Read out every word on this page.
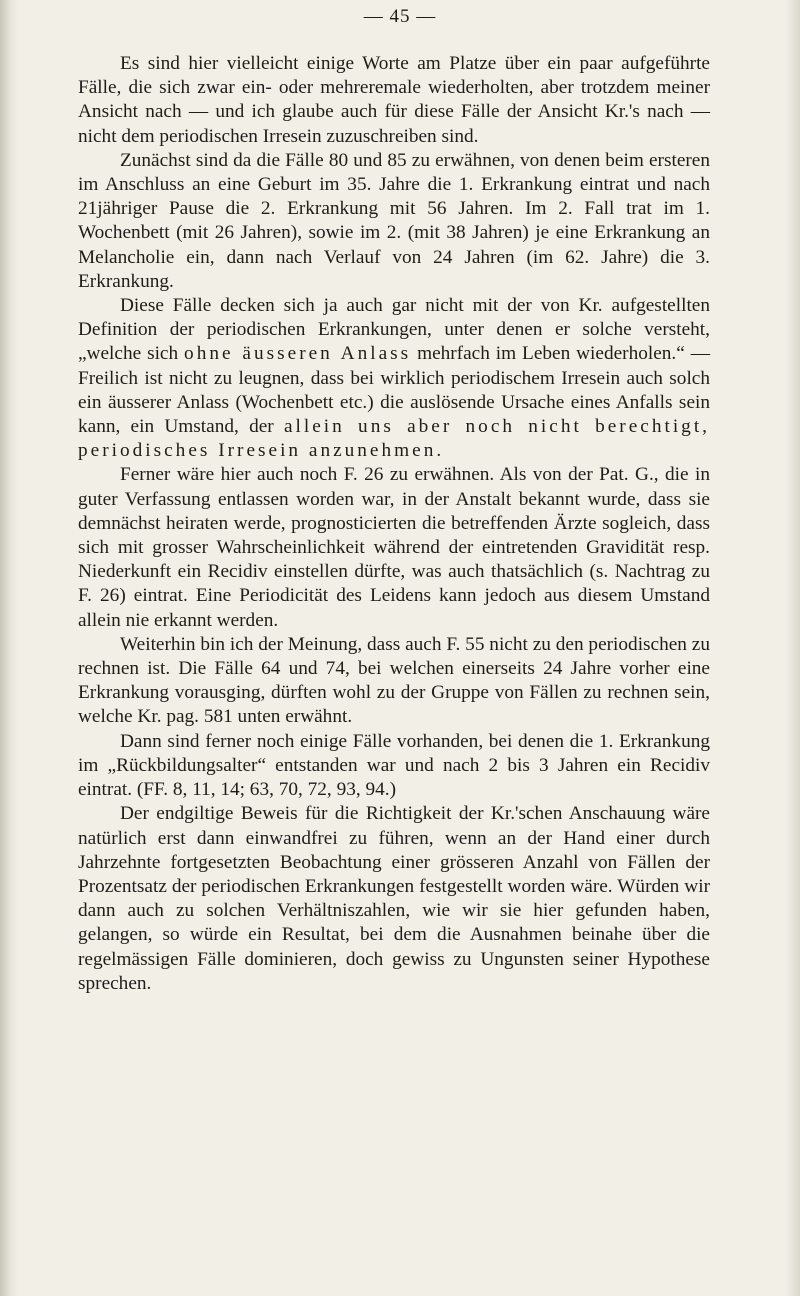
— 45 —

Es sind hier vielleicht einige Worte am Platze über ein paar aufgeführte Fälle, die sich zwar ein- oder mehreremale wiederholten, aber trotzdem meiner Ansicht nach — und ich glaube auch für diese Fälle der Ansicht Kr.'s nach — nicht dem periodischen Irresein zuzuschreiben sind.

Zunächst sind da die Fälle 80 und 85 zu erwähnen, von denen beim ersteren im Anschluss an eine Geburt im 35. Jahre die 1. Erkrankung eintrat und nach 21jähriger Pause die 2. Erkrankung mit 56 Jahren. Im 2. Fall trat im 1. Wochenbett (mit 26 Jahren), sowie im 2. (mit 38 Jahren) je eine Erkrankung an Melancholie ein, dann nach Verlauf von 24 Jahren (im 62. Jahre) die 3. Erkrankung.

Diese Fälle decken sich ja auch gar nicht mit der von Kr. aufgestellten Definition der periodischen Erkrankungen, unter denen er solche versteht, „welche sich ohne äusseren Anlass mehrfach im Leben wiederholen.“ — Freilich ist nicht zu leugnen, dass bei wirklich periodischem Irresein auch solch ein äusserer Anlass (Wochenbett etc.) die auslösende Ursache eines Anfalls sein kann, ein Umstand, der allein uns aber noch nicht berechtigt, periodisches Irresein anzunehmen.

Ferner wäre hier auch noch F. 26 zu erwähnen. Als von der Pat. G., die in guter Verfassung entlassen worden war, in der Anstalt bekannt wurde, dass sie demnächst heiraten werde, prognosticierten die betreffenden Ärzte sogleich, dass sich mit grosser Wahrscheinlichkeit während der eintretenden Gravidität resp. Niederkunft ein Recidiv einstellen dürfte, was auch thatsächlich (s. Nachtrag zu F. 26) eintrat. Eine Periodicität des Leidens kann jedoch aus diesem Umstand allein nie erkannt werden.

Weiterhin bin ich der Meinung, dass auch F. 55 nicht zu den periodischen zu rechnen ist. Die Fälle 64 und 74, bei welchen einerseits 24 Jahre vorher eine Erkrankung vorausging, dürften wohl zu der Gruppe von Fällen zu rechnen sein, welche Kr. pag. 581 unten erwähnt.

Dann sind ferner noch einige Fälle vorhanden, bei denen die 1. Erkrankung im „Rückbildungsalter“ entstanden war und nach 2 bis 3 Jahren ein Recidiv eintrat. (FF. 8, 11, 14; 63, 70, 72, 93, 94.)

Der endgiltige Beweis für die Richtigkeit der Kr.'schen Anschauung wäre natürlich erst dann einwandfrei zu führen, wenn an der Hand einer durch Jahrzehnte fortgesetzten Beobachtung einer grösseren Anzahl von Fällen der Prozentsatz der periodischen Erkrankungen festgestellt worden wäre. Würden wir dann auch zu solchen Verhältniszahlen, wie wir sie hier gefunden haben, gelangen, so würde ein Resultat, bei dem die Ausnahmen beinahe über die regelmässigen Fälle dominieren, doch gewiss zu Ungunsten seiner Hypothese sprechen.
